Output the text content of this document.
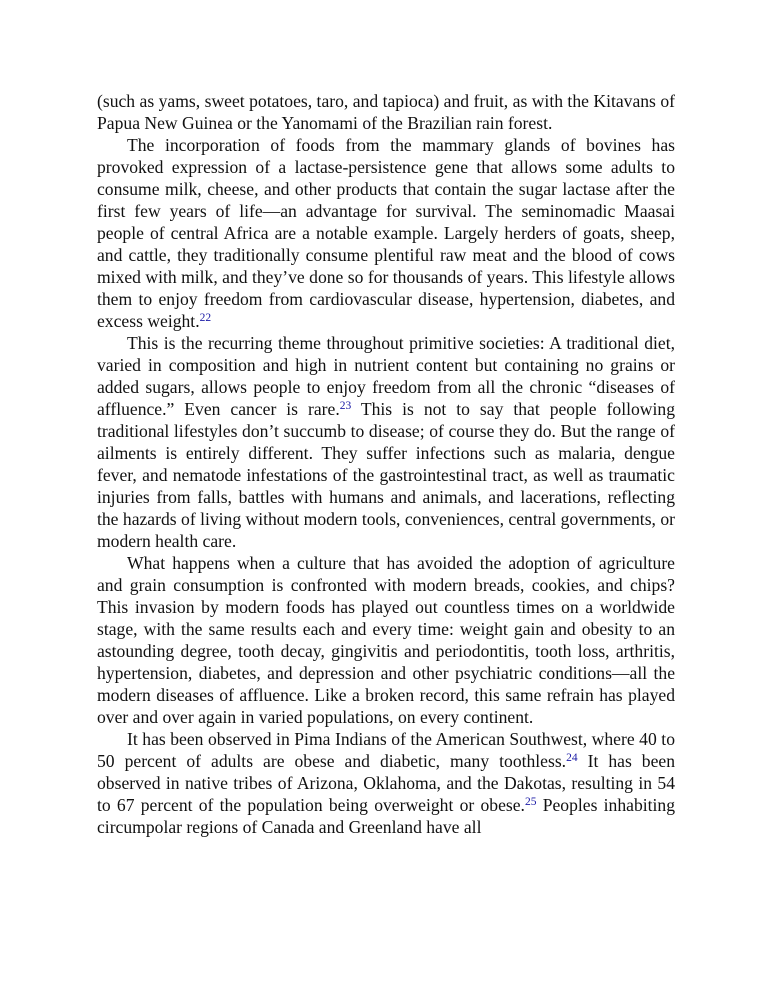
(such as yams, sweet potatoes, taro, and tapioca) and fruit, as with the Kitavans of Papua New Guinea or the Yanomami of the Brazilian rain forest.

The incorporation of foods from the mammary glands of bovines has provoked expression of a lactase-persistence gene that allows some adults to consume milk, cheese, and other products that contain the sugar lactase after the first few years of life—an advantage for survival. The seminomadic Maasai people of central Africa are a notable example. Largely herders of goats, sheep, and cattle, they traditionally consume plentiful raw meat and the blood of cows mixed with milk, and they’ve done so for thousands of years. This lifestyle allows them to enjoy freedom from cardiovascular disease, hypertension, diabetes, and excess weight.$^{22}$

This is the recurring theme throughout primitive societies: A traditional diet, varied in composition and high in nutrient content but containing no grains or added sugars, allows people to enjoy freedom from all the chronic “diseases of affluence.” Even cancer is rare.$^{23}$ This is not to say that people following traditional lifestyles don’t succumb to disease; of course they do. But the range of ailments is entirely different. They suffer infections such as malaria, dengue fever, and nematode infestations of the gastrointestinal tract, as well as traumatic injuries from falls, battles with humans and animals, and lacerations, reflecting the hazards of living without modern tools, conveniences, central governments, or modern health care.

What happens when a culture that has avoided the adoption of agriculture and grain consumption is confronted with modern breads, cookies, and chips? This invasion by modern foods has played out countless times on a worldwide stage, with the same results each and every time: weight gain and obesity to an astounding degree, tooth decay, gingivitis and periodontitis, tooth loss, arthritis, hypertension, diabetes, and depression and other psychiatric conditions—all the modern diseases of affluence. Like a broken record, this same refrain has played over and over again in varied populations, on every continent.

It has been observed in Pima Indians of the American Southwest, where 40 to 50 percent of adults are obese and diabetic, many toothless.$^{24}$ It has been observed in native tribes of Arizona, Oklahoma, and the Dakotas, resulting in 54 to 67 percent of the population being overweight or obese.$^{25}$ Peoples inhabiting circumpolar regions of Canada and Greenland have all
